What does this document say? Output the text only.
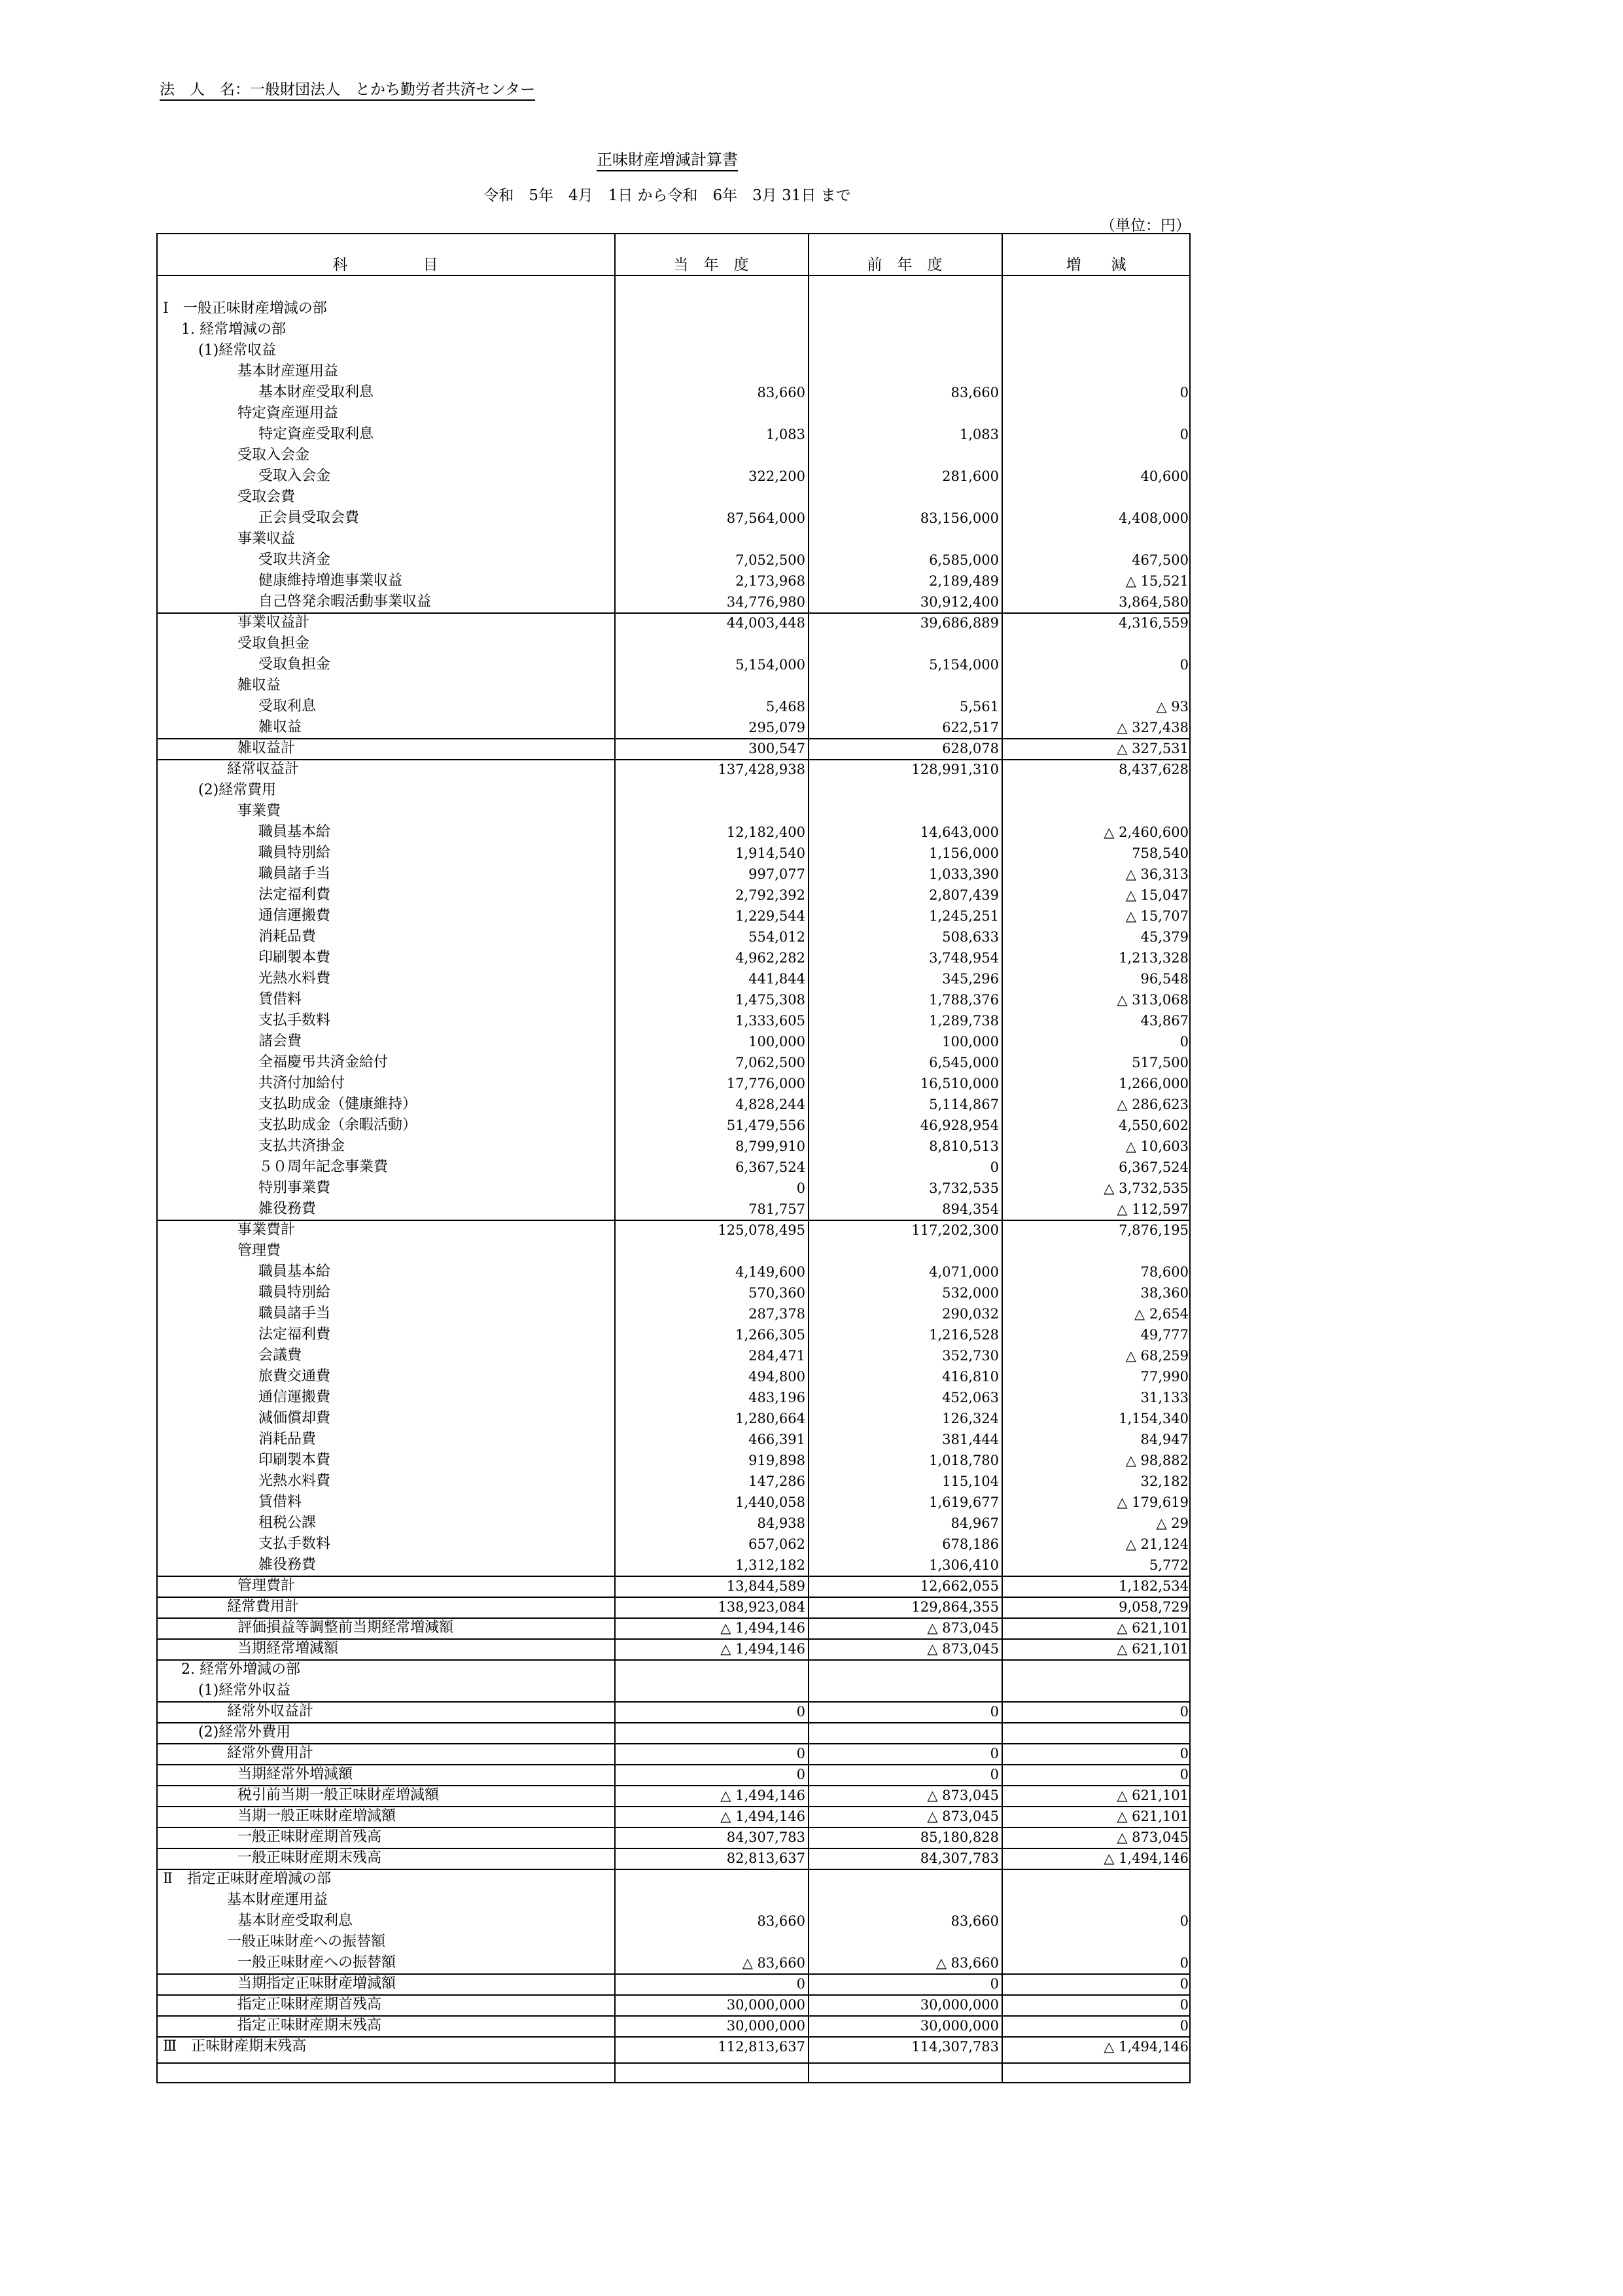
法　人　名：一般財団法人　とかち勤労者共済センター
正味財産増減計算書
令和　5年　4月　1日 から令和　6年　3月 31日 まで
（単位：円）
科　　　　　目	当　年　度	前　年　度	増　　減
Ⅰ　一般正味財産増減の部
1. 経常増減の部
(1)経常収益
基本財産運用益
基本財産受取利息	83,660	83,660	0
特定資産運用益
特定資産受取利息	1,083	1,083	0
受取入会金
受取入会金	322,200	281,600	40,600
受取会費
正会員受取会費	87,564,000	83,156,000	4,408,000
事業収益
受取共済金	7,052,500	6,585,000	467,500
健康維持増進事業収益	2,173,968	2,189,489	△ 15,521
自己啓発余暇活動事業収益	34,776,980	30,912,400	3,864,580
事業収益計	44,003,448	39,686,889	4,316,559
受取負担金
受取負担金	5,154,000	5,154,000	0
雑収益
受取利息	5,468	5,561	△ 93
雑収益	295,079	622,517	△ 327,438
雑収益計	300,547	628,078	△ 327,531
経常収益計	137,428,938	128,991,310	8,437,628
(2)経常費用
事業費
職員基本給	12,182,400	14,643,000	△ 2,460,600
職員特別給	1,914,540	1,156,000	758,540
職員諸手当	997,077	1,033,390	△ 36,313
法定福利費	2,792,392	2,807,439	△ 15,047
通信運搬費	1,229,544	1,245,251	△ 15,707
消耗品費	554,012	508,633	45,379
印刷製本費	4,962,282	3,748,954	1,213,328
光熱水料費	441,844	345,296	96,548
賃借料	1,475,308	1,788,376	△ 313,068
支払手数料	1,333,605	1,289,738	43,867
諸会費	100,000	100,000	0
全福慶弔共済金給付	7,062,500	6,545,000	517,500
共済付加給付	17,776,000	16,510,000	1,266,000
支払助成金（健康維持）	4,828,244	5,114,867	△ 286,623
支払助成金（余暇活動）	51,479,556	46,928,954	4,550,602
支払共済掛金	8,799,910	8,810,513	△ 10,603
５０周年記念事業費	6,367,524	0	6,367,524
特別事業費	0	3,732,535	△ 3,732,535
雑役務費	781,757	894,354	△ 112,597
事業費計	125,078,495	117,202,300	7,876,195
管理費
職員基本給	4,149,600	4,071,000	78,600
職員特別給	570,360	532,000	38,360
職員諸手当	287,378	290,032	△ 2,654
法定福利費	1,266,305	1,216,528	49,777
会議費	284,471	352,730	△ 68,259
旅費交通費	494,800	416,810	77,990
通信運搬費	483,196	452,063	31,133
減価償却費	1,280,664	126,324	1,154,340
消耗品費	466,391	381,444	84,947
印刷製本費	919,898	1,018,780	△ 98,882
光熱水料費	147,286	115,104	32,182
賃借料	1,440,058	1,619,677	△ 179,619
租税公課	84,938	84,967	△ 29
支払手数料	657,062	678,186	△ 21,124
雑役務費	1,312,182	1,306,410	5,772
管理費計	13,844,589	12,662,055	1,182,534
経常費用計	138,923,084	129,864,355	9,058,729
評価損益等調整前当期経常増減額	△ 1,494,146	△ 873,045	△ 621,101
当期経常増減額	△ 1,494,146	△ 873,045	△ 621,101
2. 経常外増減の部
(1)経常外収益
経常外収益計	0	0	0
(2)経常外費用
経常外費用計	0	0	0
当期経常外増減額	0	0	0
税引前当期一般正味財産増減額	△ 1,494,146	△ 873,045	△ 621,101
当期一般正味財産増減額	△ 1,494,146	△ 873,045	△ 621,101
一般正味財産期首残高	84,307,783	85,180,828	△ 873,045
一般正味財産期末残高	82,813,637	84,307,783	△ 1,494,146
Ⅱ　指定正味財産増減の部
基本財産運用益
基本財産受取利息	83,660	83,660	0
一般正味財産への振替額
一般正味財産への振替額	△ 83,660	△ 83,660	0
当期指定正味財産増減額	0	0	0
指定正味財産期首残高	30,000,000	30,000,000	0
指定正味財産期末残高	30,000,000	30,000,000	0
Ⅲ　正味財産期末残高	112,813,637	114,307,783	△ 1,494,146
